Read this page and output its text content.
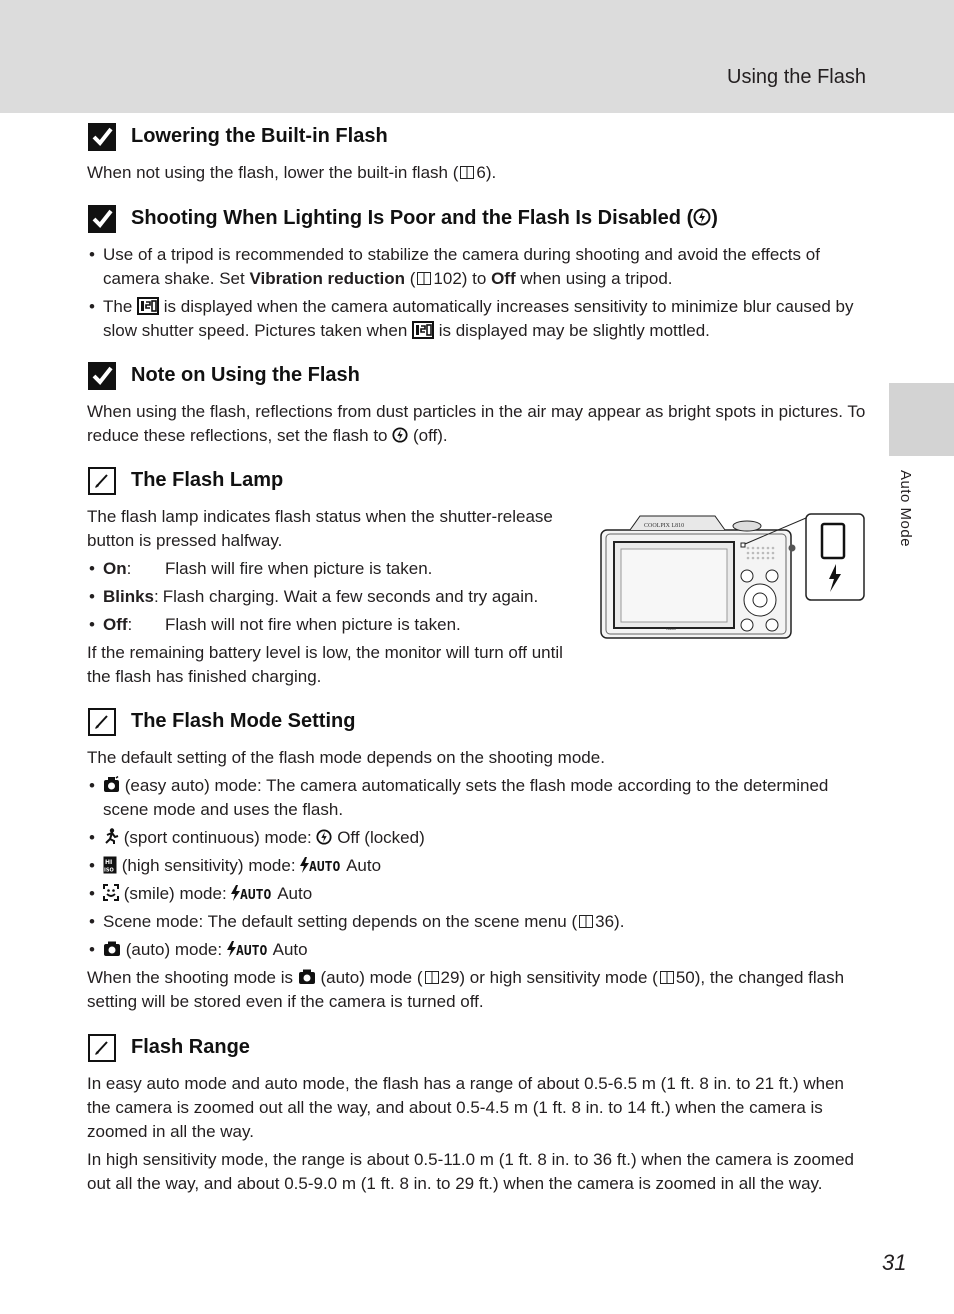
Using the Flash
Auto Mode
Lowering the Built-in Flash

When not using the flash, lower the built-in flash ( 6).

Shooting When Lighting Is Poor and the Flash Is Disabled ( )
• Use of a tripod is recommended to stabilize the camera during shooting and avoid the effects of camera shake. Set Vibration reduction ( 102) to Off when using a tripod.
• The  is displayed when the camera automatically increases sensitivity to minimize blur caused by slow shutter speed. Pictures taken when  is displayed may be slightly mottled.
Note on Using the Flash

When using the flash, reflections from dust particles in the air may appear as bright spots in pictures. To reduce these reflections, set the flash to  (off).

The Flash Lamp

The flash lamp indicates flash status when the shutter-release button is pressed halfway.

• On: Flash will fire when picture is taken.
• Blinks: Flash charging. Wait a few seconds and try again.
• Off: Flash will not fire when picture is taken.

If the remaining battery level is low, the monitor will turn off until the flash has finished charging.

COOLPIX L810
Nikon
The Flash Mode Setting

The default setting of the flash mode depends on the shooting mode.

• (easy auto) mode: The camera automatically sets the flash mode according to the determined scene mode and uses the flash.
• (sport continuous) mode:  Off (locked)
• HI
ISO (high sensitivity) mode: AUTO Auto
• (smile) mode: AUTO Auto
• Scene mode: The default setting depends on the scene menu ( 36).
• (auto) mode: AUTO Auto

When the shooting mode is  (auto) mode ( 29) or high sensitivity mode ( 50), the changed flash setting will be stored even if the camera is turned off.

Flash Range

In easy auto mode and auto mode, the flash has a range of about 0.5-6.5 m (1 ft. 8 in. to 21 ft.) when the camera is zoomed out all the way, and about 0.5-4.5 m (1 ft. 8 in. to 14 ft.) when the camera is zoomed in all the way.

In high sensitivity mode, the range is about 0.5-11.0 m (1 ft. 8 in. to 36 ft.) when the camera is zoomed out all the way, and about 0.5-9.0 m (1 ft. 8 in. to 29 ft.) when the camera is zoomed in all the way.

31
